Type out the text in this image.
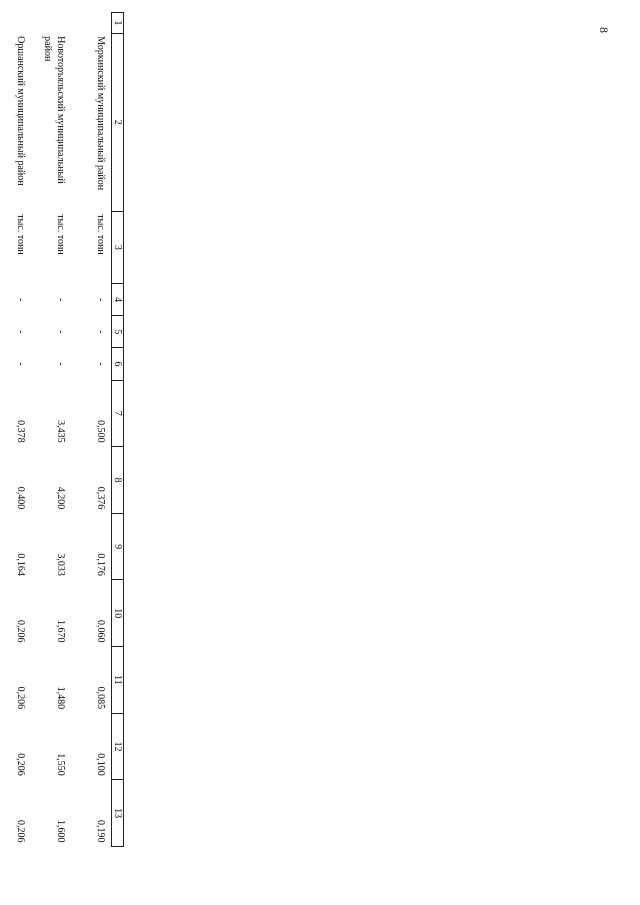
8
1	2	3	4	5	6	7	8	9	10	11	12	13
	Моркинский муниципальный район	тыс. тонн	-	-	-	0,500	0,376	0,176	0,060	0,085	0,100	0,190
	Новоторъяльский муниципальный район	тыс. тонн	-	-	-	3,435	4,200	3,033	1,670	1,480	1,550	1,600
	Оршанский муниципальный район	тыс. тонн	-	-	-	0,378	0,400	0,164	0,206	0,206	0,206	0,206
